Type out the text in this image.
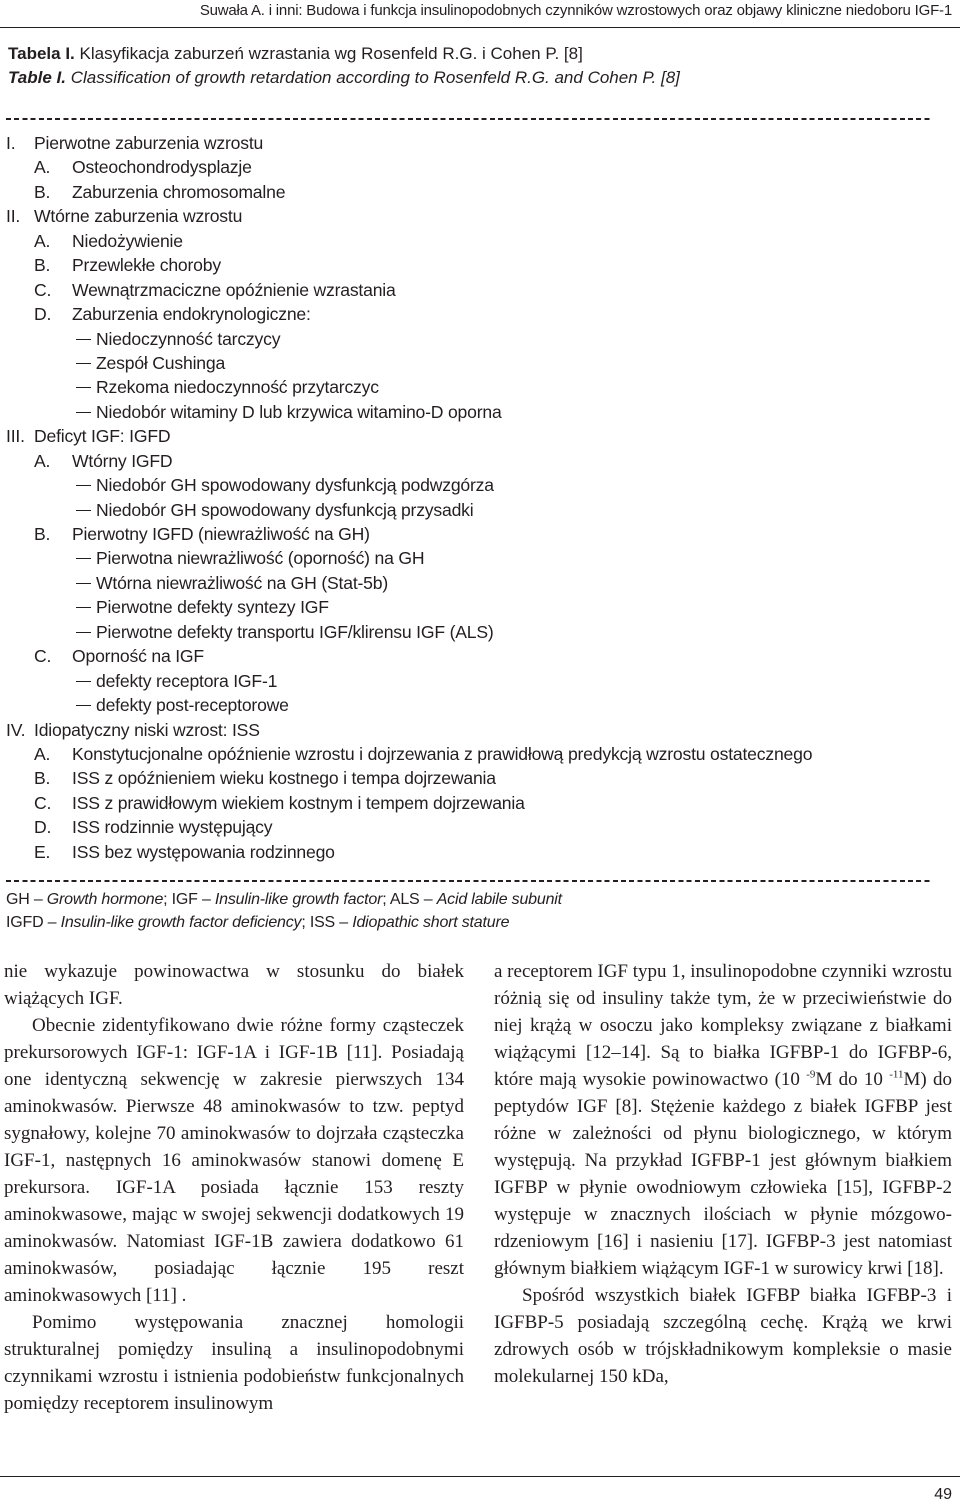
Suwała A. i inni: Budowa i funkcja insulinopodobnych czynników wzrostowych oraz objawy kliniczne niedoboru IGF-1
Tabela I. Klasyfikacja zaburzeń wzrastania wg Rosenfeld R.G. i Cohen P. [8]
Table I. Classification of growth retardation according to Rosenfeld R.G. and Cohen P. [8]
I. Pierwotne zaburzenia wzrostu
A. Osteochondrodysplazje
B. Zaburzenia chromosomalne
II. Wtórne zaburzenia wzrostu
A. Niedożywienie
B. Przewlekłe choroby
C. Wewnątrzmaciczne opóźnienie wzrastania
D. Zaburzenia endokrynologiczne:
Niedoczynność tarczycy
Zespół Cushinga
Rzekoma niedoczynność przytarczyc
Niedobór witaminy D lub krzywica witamino-D oporna
III. Deficyt IGF: IGFD
A. Wtórny IGFD
Niedobór GH spowodowany dysfunkcją podwzgórza
Niedobór GH spowodowany dysfunkcją przysadki
B. Pierwotny IGFD (niewrażliwość na GH)
Pierwotna niewrażliwość (oporność) na GH
Wtórna niewrażliwość na GH (Stat-5b)
Pierwotne defekty syntezy IGF
Pierwotne defekty transportu IGF/klirensu IGF (ALS)
C. Oporność na IGF
defekty receptora IGF-1
defekty post-receptorowe
IV. Idiopatyczny niski wzrost: ISS
A. Konstytucjonalne opóźnienie wzrostu i dojrzewania z prawidłową predykcją wzrostu ostatecznego
B. ISS z opóźnieniem wieku kostnego i tempa dojrzewania
C. ISS z prawidłowym wiekiem kostnym i tempem dojrzewania
D. ISS rodzinnie występujący
E. ISS bez występowania rodzinnego
GH – Growth hormone; IGF – Insulin-like growth factor; ALS – Acid labile subunit
IGFD – Insulin-like growth factor deficiency; ISS – Idiopathic short stature

nie wykazuje powinowactwa w stosunku do białek wiążących IGF.

Obecnie zidentyfikowano dwie różne formy cząsteczek prekursorowych IGF-1: IGF-1A i IGF-1B [11]. Posiadają one identyczną sekwencję w zakresie pierwszych 134 aminokwasów. Pierwsze 48 aminokwasów to tzw. peptyd sygnałowy, kolejne 70 aminokwasów to dojrzała cząsteczka IGF-1, następnych 16 aminokwasów stanowi domenę E prekursora. IGF-1A posiada łącznie 153 reszty aminokwasowe, mając w swojej sekwencji dodatkowych 19 aminokwasów. Natomiast IGF-1B zawiera dodatkowo 61 aminokwasów, posiadając łącznie 195 reszt aminokwasowych [11] .

Pomimo występowania znacznej homologii strukturalnej pomiędzy insuliną a insulinopodobnymi czynnikami wzrostu i istnienia podobieństw funkcjonalnych pomiędzy receptorem insulinowym

a receptorem IGF typu 1, insulinopodobne czynniki wzrostu różnią się od insuliny także tym, że w przeciwieństwie do niej krążą w osoczu jako kompleksy związane z białkami wiążącymi [12–14]. Są to białka IGFBP-1 do IGFBP-6, które mają wysokie powinowactwo (10 $^{-9}$M do 10 $^{-11}$M) do peptydów IGF [8]. Stężenie każdego z białek IGFBP jest różne w zależności od płynu biologicznego, w którym występują. Na przykład IGFBP-1 jest głównym białkiem IGFBP w płynie owodniowym człowieka [15], IGFBP-2 występuje w znacznych ilościach w płynie mózgowo-rdzeniowym [16] i nasieniu [17]. IGFBP-3 jest natomiast głównym białkiem wiążącym IGF-1 w surowicy krwi [18].

Spośród wszystkich białek IGFBP białka IGFBP-3 i IGFBP-5 posiadają szczególną cechę. Krążą we krwi zdrowych osób w trójskładnikowym kompleksie o masie molekularnej 150 kDa,

49
